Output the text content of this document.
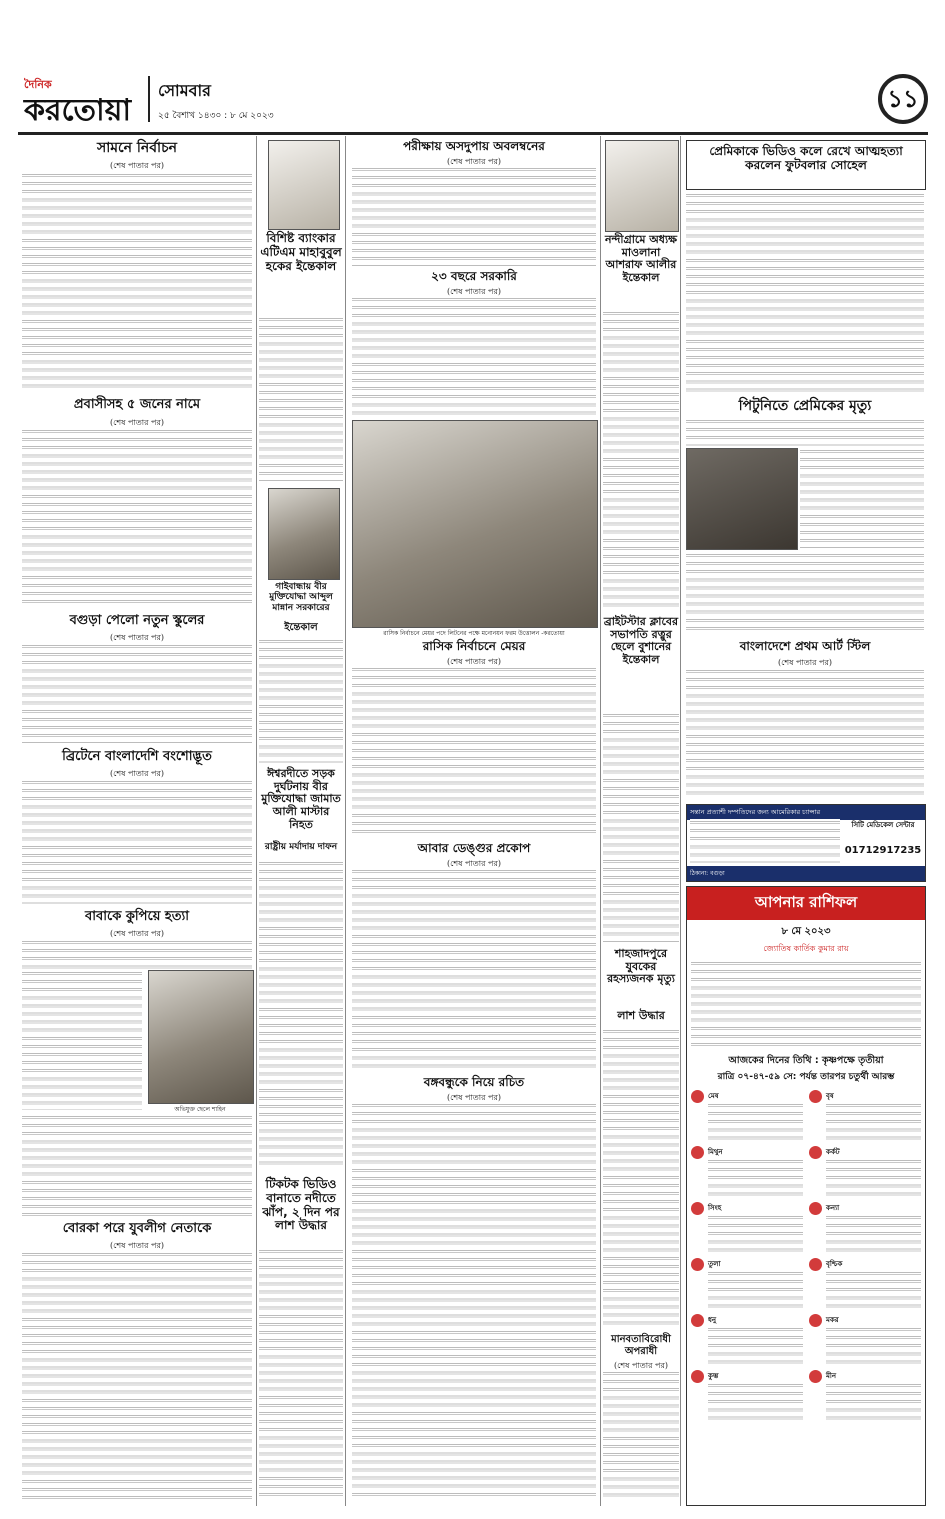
দৈনিক
করতোয়া
সোমবার
২৫ বৈশাখ ১৪৩০ : ৮ মে ২০২৩
১১
সামনে নির্বাচন
(শেষ পাতার পর)
প্রবাসীসহ ৫ জনের নামে
(শেষ পাতার পর)
বগুড়া পেলো নতুন স্কুলের
(শেষ পাতার পর)
ব্রিটেনে বাংলাদেশি বংশোদ্ভূত
(শেষ পাতার পর)
বাবাকে কুপিয়ে হত্যা
(শেষ পাতার পর)
অভিযুক্ত ছেলে শাহিন
বোরকা পরে যুবলীগ নেতাকে
(শেষ পাতার পর)
বিশিষ্ট ব্যাংকার এটিএম মাহাবুবুল হকের ইন্তেকাল
গাইবান্ধায় বীর মুক্তিযোদ্ধা আব্দুল মান্নান সরকারের
ইন্তেকাল
ঈশ্বরদীতে সড়ক দুর্ঘটনায় বীর মুক্তিযোদ্ধা জামাত আলী মাস্টার নিহত
রাষ্ট্রীয় মর্যাদায় দাফন
টিকটক ভিডিও বানাতে নদীতে ঝাঁপ, ২ দিন পর লাশ উদ্ধার
পরীক্ষায় অসদুপায় অবলম্বনের
(শেষ পাতার পর)
২৩ বছরে সরকারি
(শেষ পাতার পর)
রাসিক নির্বাচনে মেয়র পদে লিটনের পক্ষে মনোনয়ন ফরম উত্তোলন -করতোয়া
রাসিক নির্বাচনে মেয়র
(শেষ পাতার পর)
আবার ডেঙ্গুর প্রকোপ
(শেষ পাতার পর)
বঙ্গবন্ধুকে নিয়ে রচিত
(শেষ পাতার পর)
নন্দীগ্রামে অধ্যক্ষ মাওলানা আশরাফ আলীর ইন্তেকাল
ব্রাইটস্টার ক্লাবের সভাপতি রত্নুর ছেলে বুশানের ইন্তেকাল
শাহজাদপুরে যুবকের রহস্যজনক মৃত্যু
লাশ উদ্ধার
মানবতাবিরোধী অপরাধী
(শেষ পাতার পর)
প্রেমিকাকে ভিডিও কলে রেখে আত্মহত্যা করলেন ফুটবলার সোহেল
পিটুনিতে প্রেমিকের মৃত্যু
বাংলাদেশে প্রথম আর্ট স্টিল
(শেষ পাতার পর)
সন্তান প্রত্যাশী দম্পতিদের জন্য আমেরিকার চ্যান্সার
সিটি মেডিকেল সেন্টার
01712917235
ঠিকানা: বগুড়া
আপনার রাশিফল
৮ মে ২০২৩
জ্যোতিষ কার্তিক কুমার রায়
আজকের দিনের তিথি : কৃষ্ণপক্ষে তৃতীয়া
রাত্রি ০৭-৪৭-৫৯ সে: পর্যন্ত তারপর চতুর্থী আরম্ভ
মেষ	বৃষ
মিথুন	কর্কট
সিংহ	কন্যা
তুলা	বৃশ্চিক
ধনু	মকর
কুম্ভ	মীন
